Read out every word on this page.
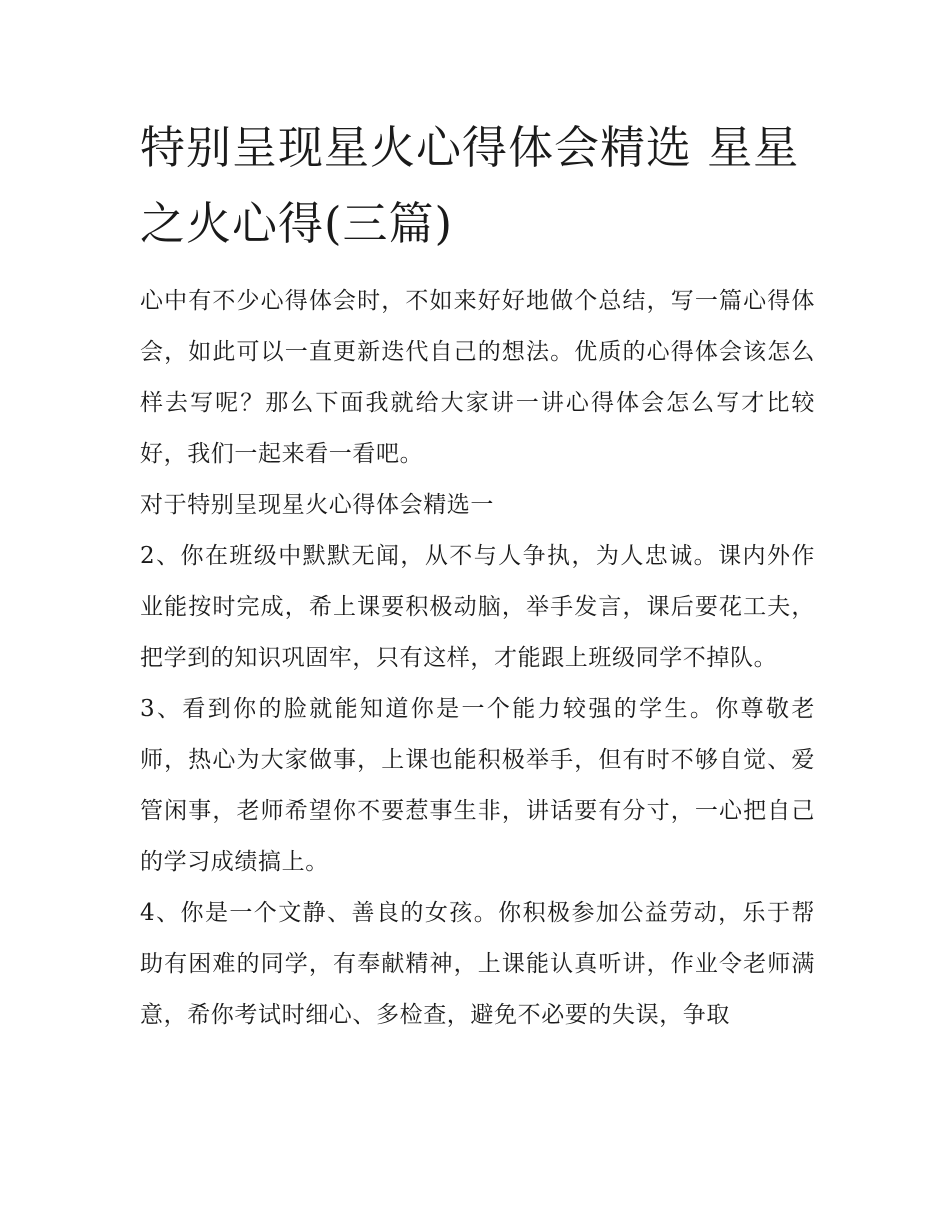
特别呈现星火心得体会精选 星星之火心得(三篇)

心中有不少心得体会时，不如来好好地做个总结，写一篇心得体会，如此可以一直更新迭代自己的想法。优质的心得体会该怎么样去写呢？那么下面我就给大家讲一讲心得体会怎么写才比较好，我们一起来看一看吧。

对于特别呈现星火心得体会精选一

2、你在班级中默默无闻，从不与人争执，为人忠诚。课内外作业能按时完成，希上课要积极动脑，举手发言，课后要花工夫，把学到的知识巩固牢，只有这样，才能跟上班级同学不掉队。

3、看到你的脸就能知道你是一个能力较强的学生。你尊敬老师，热心为大家做事，上课也能积极举手，但有时不够自觉、爱管闲事，老师希望你不要惹事生非，讲话要有分寸，一心把自己的学习成绩搞上。

4、你是一个文静、善良的女孩。你积极参加公益劳动，乐于帮助有困难的同学，有奉献精神，上课能认真听讲，作业令老师满意，希你考试时细心、多检查，避免不必要的失误，争取
